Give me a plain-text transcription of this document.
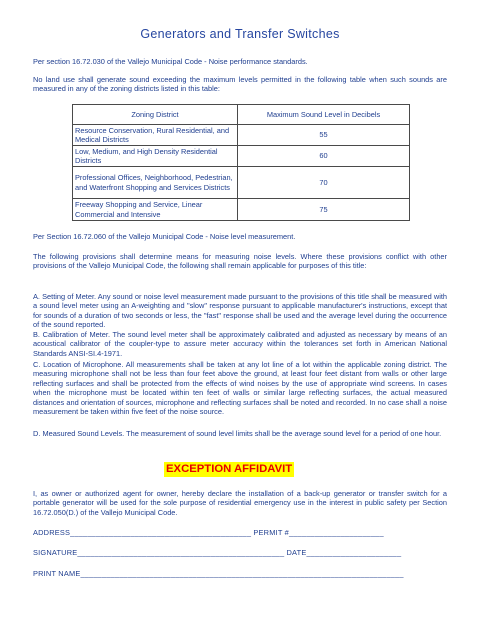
Generators and Transfer Switches

Per section 16.72.030 of the Vallejo Municipal Code - Noise performance standards.

No land use shall generate sound exceeding the maximum levels permitted in the following table when such sounds are measured in any of the zoning districts listed in this table:

Zoning District	Maximum Sound Level in Decibels
Resource Conservation, Rural Residential, and Medical Districts	55
Low, Medium, and High Density Residential Districts	60
Professional Offices, Neighborhood, Pedestrian, and Waterfront Shopping and Services Districts	70
Freeway Shopping and Service, Linear Commercial and Intensive	75

Per Section 16.72.060 of the Vallejo Municipal Code - Noise level measurement.

The following provisions shall determine means for measuring noise levels. Where these provisions conflict with other provisions of the Vallejo Municipal Code, the following shall remain applicable for purposes of this title:

A. Setting of Meter. Any sound or noise level measurement made pursuant to the provisions of this title shall be measured with a sound level meter using an A-weighting and "slow" response pursuant to applicable manufacturer's instructions, except that for sounds of a duration of two seconds or less, the "fast" response shall be used and the average level during the occurrence of the sound reported.

B. Calibration of Meter. The sound level meter shall be approximately calibrated and adjusted as necessary by means of an acoustical calibrator of the coupler-type to assure meter accuracy within the tolerances set forth in American National Standards ANSI-SI.4-1971.

C. Location of Microphone. All measurements shall be taken at any lot line of a lot within the applicable zoning district. The measuring microphone shall not be less than four feet above the ground, at least four feet distant from walls or other large reflecting surfaces and shall be protected from the effects of wind noises by the use of appropriate wind screens. In cases when the microphone must be located within ten feet of walls or similar large reflecting surfaces, the actual measured distances and orientation of sources, microphone and reflecting surfaces shall be noted and recorded. In no case shall a noise measurement be taken within five feet of the noise source.

D. Measured Sound Levels. The measurement of sound level limits shall be the average sound level for a period of one hour.

EXCEPTION AFFIDAVIT

I, as owner or authorized agent for owner, hereby declare the installation of a back-up generator or transfer switch for a portable generator will be used for the sole purpose of residential emergency use in the interest in public safety per Section 16.72.050(D.) of the Vallejo Municipal Code.

ADDRESS__________________________________________ PERMIT #______________________
SIGNATURE________________________________________________ DATE______________________
PRINT NAME___________________________________________________________________________
